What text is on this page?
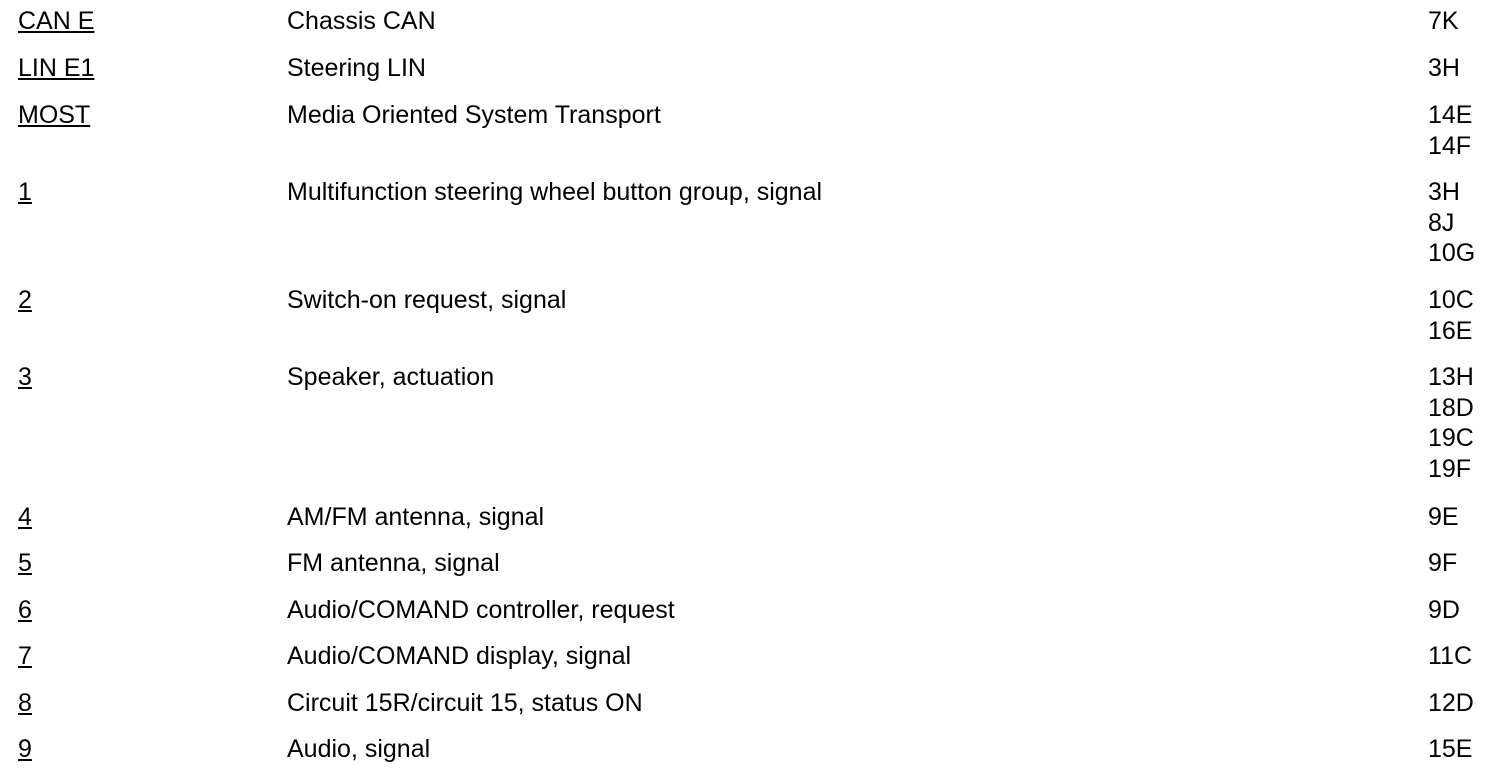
CAN E	Chassis CAN	7K
LIN E1	Steering LIN	3H
MOST	Media Oriented System Transport	14E
14F
1	Multifunction steering wheel button group, signal	3H
8J
10G
2	Switch-on request, signal	10C
16E
3	Speaker, actuation	13H
18D
19C
19F
4	AM/FM antenna, signal	9E
5	FM antenna, signal	9F
6	Audio/COMAND controller, request	9D
7	Audio/COMAND display, signal	11C
8	Circuit 15R/circuit 15, status ON	12D
9	Audio, signal	15E
